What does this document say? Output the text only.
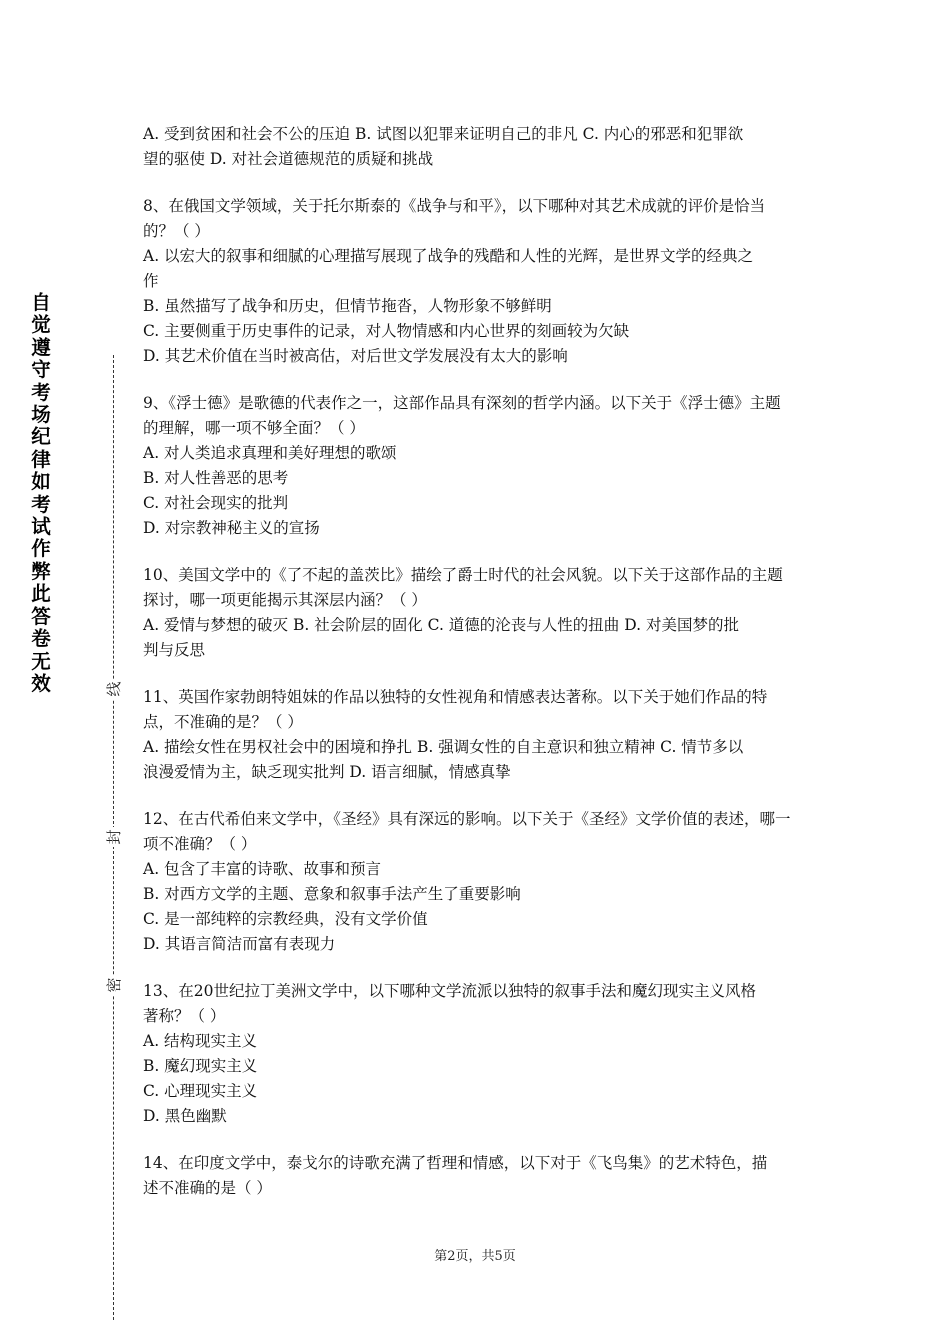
自
觉
遵
守
考
场
纪
律
如
考
试
作
弊
此
答
卷
无
效	线
封
密
A. 受到贫困和社会不公的压迫 B. 试图以犯罪来证明自己的非凡 C. 内心的邪恶和犯罪欲
望的驱使 D. 对社会道德规范的质疑和挑战
8、在俄国文学领域，关于托尔斯泰的《战争与和平》，以下哪种对其艺术成就的评价是恰当
的？（ ）
A. 以宏大的叙事和细腻的心理描写展现了战争的残酷和人性的光辉，是世界文学的经典之
作
B. 虽然描写了战争和历史，但情节拖沓，人物形象不够鲜明
C. 主要侧重于历史事件的记录，对人物情感和内心世界的刻画较为欠缺
D. 其艺术价值在当时被高估，对后世文学发展没有太大的影响
9、《浮士德》是歌德的代表作之一，这部作品具有深刻的哲学内涵。以下关于《浮士德》主题
的理解，哪一项不够全面？（ ）
A. 对人类追求真理和美好理想的歌颂
B. 对人性善恶的思考
C. 对社会现实的批判
D. 对宗教神秘主义的宣扬
10、美国文学中的《了不起的盖茨比》描绘了爵士时代的社会风貌。以下关于这部作品的主题
探讨，哪一项更能揭示其深层内涵？（ ）
A. 爱情与梦想的破灭 B. 社会阶层的固化 C. 道德的沦丧与人性的扭曲 D. 对美国梦的批
判与反思
11、英国作家勃朗特姐妹的作品以独特的女性视角和情感表达著称。以下关于她们作品的特
点，不准确的是？（ ）
A. 描绘女性在男权社会中的困境和挣扎 B. 强调女性的自主意识和独立精神 C. 情节多以
浪漫爱情为主，缺乏现实批判 D. 语言细腻，情感真挚
12、在古代希伯来文学中，《圣经》具有深远的影响。以下关于《圣经》文学价值的表述，哪一
项不准确？（ ）
A. 包含了丰富的诗歌、故事和预言
B. 对西方文学的主题、意象和叙事手法产生了重要影响
C. 是一部纯粹的宗教经典，没有文学价值
D. 其语言简洁而富有表现力
13、在20世纪拉丁美洲文学中，以下哪种文学流派以独特的叙事手法和魔幻现实主义风格
著称？（ ）
A. 结构现实主义
B. 魔幻现实主义
C. 心理现实主义
D. 黑色幽默
14、在印度文学中，泰戈尔的诗歌充满了哲理和情感，以下对于《飞鸟集》的艺术特色，描
述不准确的是（ ）
第2页，共5页
